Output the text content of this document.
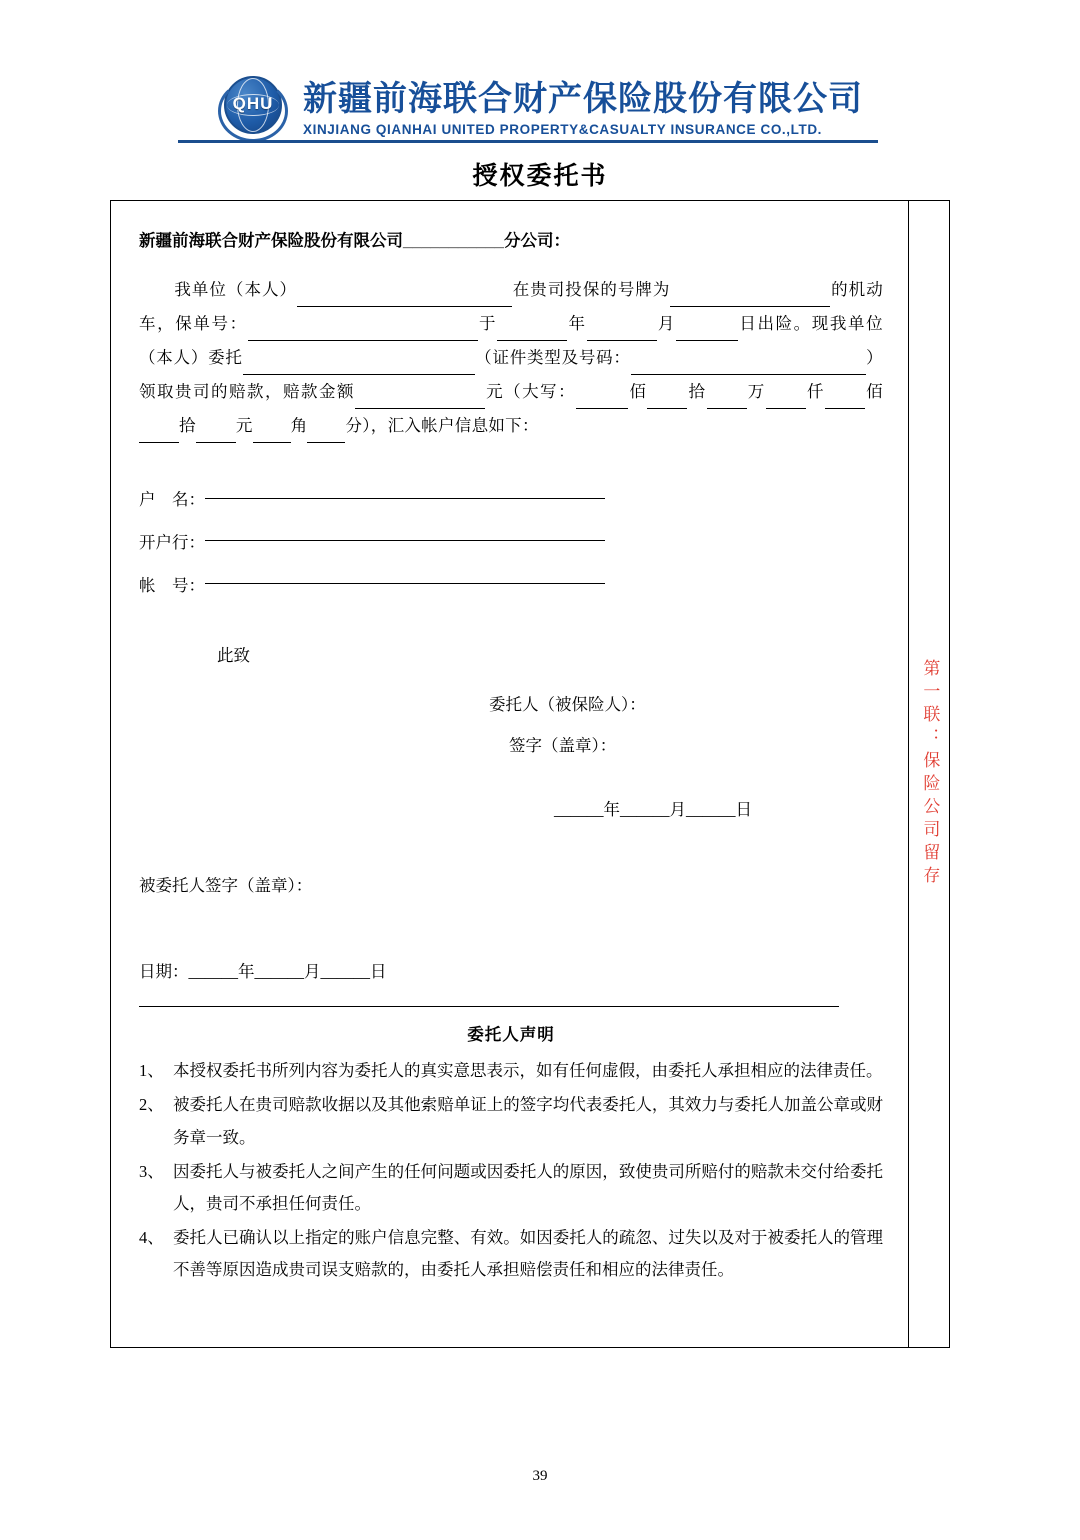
QHU 新疆前海联合财产保险股份有限公司
XINJIANG QIANHAI UNITED PROPERTY&CASUALTY INSURANCE CO.,LTD.
授权委托书
新疆前海联合财产保险股份有限公司___________分公司：
我单位（本人）	在贵司投保的号牌为	的机动车，保单号：	于	年	月	日出险。现我单位（本人）委托	（证件类型及号码：	）领取贵司的赔款，赔款金额	元（大写：	佰 拾 万 仟 佰 拾 元 角 分），汇入帐户信息如下：
户　名：
开户行：
帐　号：
此致
委托人（被保险人）：
签字（盖章）：
______年______月______日
被委托人签字（盖章）：
日期：______年______月______日
委托人声明
1、 本授权委托书所列内容为委托人的真实意思表示，如有任何虚假，由委托人承担相应的法律责任。
2、 被委托人在贵司赔款收据以及其他索赔单证上的签字均代表委托人，其效力与委托人加盖公章或财务章一致。
3、 因委托人与被委托人之间产生的任何问题或因委托人的原因，致使贵司所赔付的赔款未交付给委托人，贵司不承担任何责任。
4、 委托人已确认以上指定的账户信息完整、有效。如因委托人的疏忽、过失以及对于被委托人的管理不善等原因造成贵司误支赔款的，由委托人承担赔偿责任和相应的法律责任。
第一联：保险公司留存
39
